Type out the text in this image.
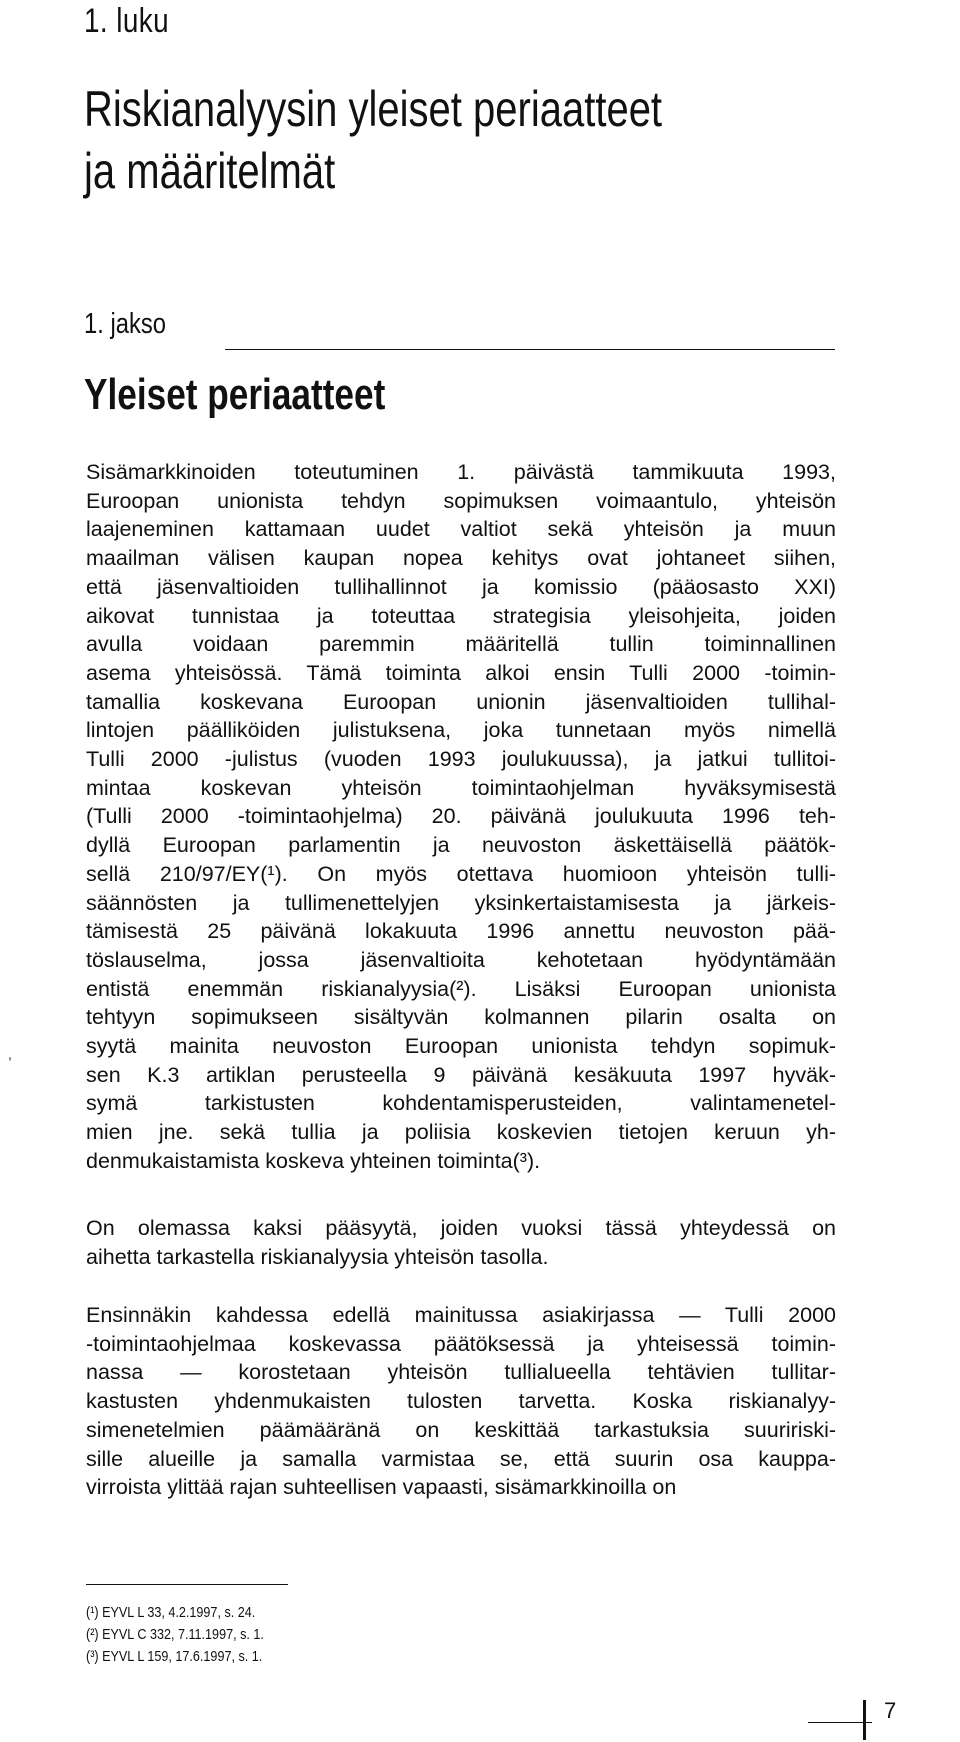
1. luku
Riskianalyysin yleiset periaatteet
ja määritelmät
1. jakso
Yleiset periaatteet
Sisämarkkinoiden toteutuminen 1. päivästä tammikuuta 1993,
Euroopan unionista tehdyn sopimuksen voimaantulo, yhteisön
laajeneminen kattamaan uudet valtiot sekä yhteisön ja muun
maailman välisen kaupan nopea kehitys ovat johtaneet siihen,
että jäsenvaltioiden tullihallinnot ja komissio (pääosasto XXI)
aikovat tunnistaa ja toteuttaa strategisia yleisohjeita, joiden
avulla voidaan paremmin määritellä tullin toiminnallinen
asema yhteisössä. Tämä toiminta alkoi ensin Tulli 2000 -toimin-
tamallia koskevana Euroopan unionin jäsenvaltioiden tullihal-
lintojen päälliköiden julistuksena, joka tunnetaan myös nimellä
Tulli 2000 -julistus (vuoden 1993 joulukuussa), ja jatkui tullitoi-
mintaa koskevan yhteisön toimintaohjelman hyväksymisestä
(Tulli 2000 -toimintaohjelma) 20. päivänä joulukuuta 1996 teh-
dyllä Euroopan parlamentin ja neuvoston äskettäisellä päätök-
sellä 210/97/EY(¹). On myös otettava huomioon yhteisön tulli-
säännösten ja tullimenettelyjen yksinkertaistamisesta ja järkeis-
tämisestä 25 päivänä lokakuuta 1996 annettu neuvoston pää-
töslauselma, jossa jäsenvaltioita kehotetaan hyödyntämään
entistä enemmän riskianalyysia(²). Lisäksi Euroopan unionista
tehtyyn sopimukseen sisältyvän kolmannen pilarin osalta on
syytä mainita neuvoston Euroopan unionista tehdyn sopimuk-
sen K.3 artiklan perusteella 9 päivänä kesäkuuta 1997 hyväk-
symä tarkistusten kohdentamisperusteiden, valintamenetel-
mien jne. sekä tullia ja poliisia koskevien tietojen keruun yh-
denmukaistamista koskeva yhteinen toiminta(³).
On olemassa kaksi pääsyytä, joiden vuoksi tässä yhteydessä on
aihetta tarkastella riskianalyysia yhteisön tasolla.
Ensinnäkin kahdessa edellä mainitussa asiakirjassa — Tulli 2000
-toimintaohjelmaa koskevassa päätöksessä ja yhteisessä toimin-
nassa — korostetaan yhteisön tullialueella tehtävien tullitar-
kastusten yhdenmukaisten tulosten tarvetta. Koska riskianalyy-
simenetelmien päämääränä on keskittää tarkastuksia suuririski-
sille alueille ja samalla varmistaa se, että suurin osa kauppa-
virroista ylittää rajan suhteellisen vapaasti, sisämarkkinoilla on
,
(¹) EYVL L 33, 4.2.1997, s. 24.
(²) EYVL C 332, 7.11.1997, s. 1.
(³) EYVL L 159, 17.6.1997, s. 1.
7
